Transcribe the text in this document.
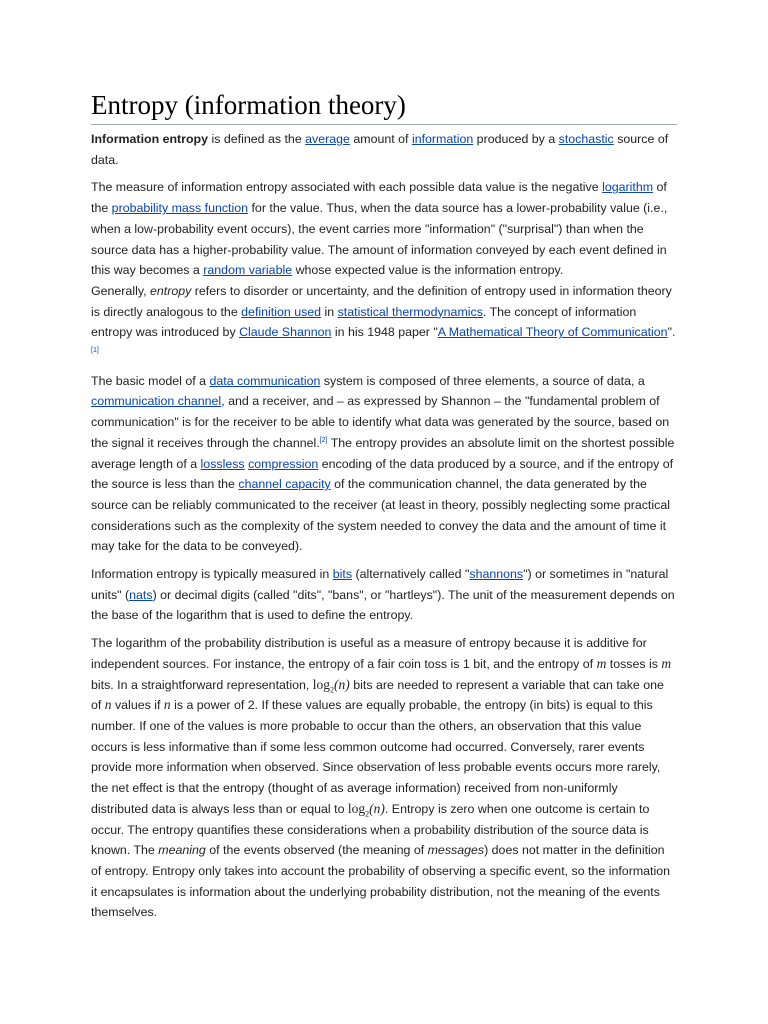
Entropy (information theory)

Information entropy is defined as the average amount of information produced by a stochastic source of data.

The measure of information entropy associated with each possible data value is the negative logarithm of the probability mass function for the value. Thus, when the data source has a lower-probability value (i.e., when a low-probability event occurs), the event carries more "information" ("surprisal") than when the source data has a higher-probability value. The amount of information conveyed by each event defined in this way becomes a random variable whose expected value is the information entropy.

Generally, entropy refers to disorder or uncertainty, and the definition of entropy used in information theory is directly analogous to the definition used in statistical thermodynamics. The concept of information entropy was introduced by Claude Shannon in his 1948 paper "A Mathematical Theory of Communication".[1]

The basic model of a data communication system is composed of three elements, a source of data, a communication channel, and a receiver, and – as expressed by Shannon – the "fundamental problem of communication" is for the receiver to be able to identify what data was generated by the source, based on the signal it receives through the channel.[2] The entropy provides an absolute limit on the shortest possible average length of a lossless compression encoding of the data produced by a source, and if the entropy of the source is less than the channel capacity of the communication channel, the data generated by the source can be reliably communicated to the receiver (at least in theory, possibly neglecting some practical considerations such as the complexity of the system needed to convey the data and the amount of time it may take for the data to be conveyed).

Information entropy is typically measured in bits (alternatively called "shannons") or sometimes in "natural units" (nats) or decimal digits (called "dits", "bans", or "hartleys"). The unit of the measurement depends on the base of the logarithm that is used to define the entropy.

The logarithm of the probability distribution is useful as a measure of entropy because it is additive for independent sources. For instance, the entropy of a fair coin toss is 1 bit, and the entropy of m tosses is m bits. In a straightforward representation, $\log_2(n)$ bits are needed to represent a variable that can take one of n values if n is a power of 2. If these values are equally probable, the entropy (in bits) is equal to this number. If one of the values is more probable to occur than the others, an observation that this value occurs is less informative than if some less common outcome had occurred. Conversely, rarer events provide more information when observed. Since observation of less probable events occurs more rarely, the net effect is that the entropy (thought of as average information) received from non-uniformly distributed data is always less than or equal to $\log_2(n)$. Entropy is zero when one outcome is certain to occur. The entropy quantifies these considerations when a probability distribution of the source data is known. The meaning of the events observed (the meaning of messages) does not matter in the definition of entropy. Entropy only takes into account the probability of observing a specific event, so the information it encapsulates is information about the underlying probability distribution, not the meaning of the events themselves.
